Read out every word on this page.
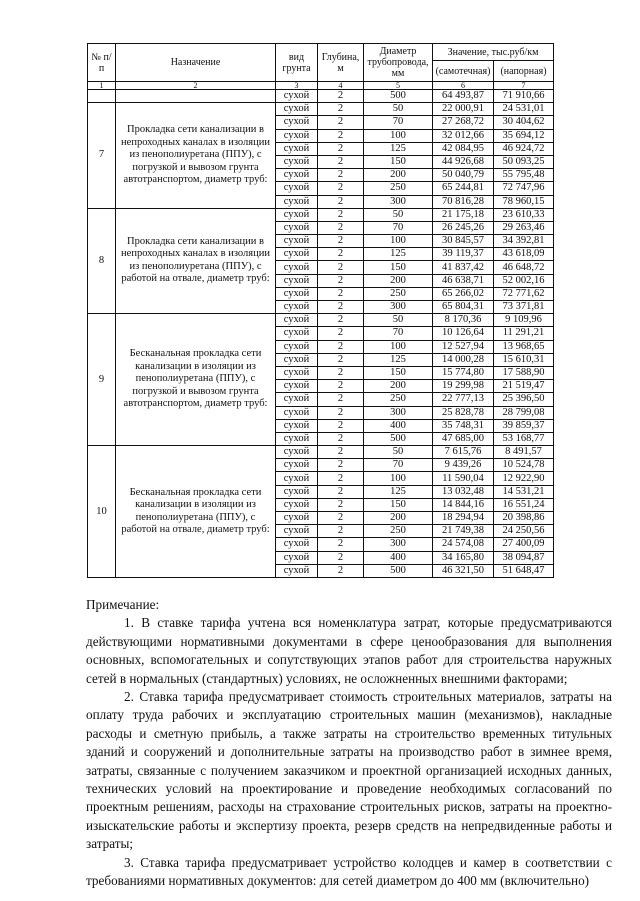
№ п/п	Назначение	вид грунта	Глубина, м	Диаметр трубопровода, мм	Значение, тыс.руб/км	
					(самотечная)	(напорная)
1	2	3	4	5	6	7
		сухой	2	500	64 493,87	71 910,66
7	Прокладка сети канализации в непроходных каналах в изоляции из пенополиуретана (ППУ), с погрузкой и вывозом грунта автотранспортом, диаметр труб:	сухой	2	50	22 000,91	24 531,01
		сухой	2	70	27 268,72	30 404,62
		сухой	2	100	32 012,66	35 694,12
		сухой	2	125	42 084,95	46 924,72
		сухой	2	150	44 926,68	50 093,25
		сухой	2	200	50 040,79	55 795,48
		сухой	2	250	65 244,81	72 747,96
		сухой	2	300	70 816,28	78 960,15
8	Прокладка сети канализации в непроходных каналах в изоляции из пенополиуретана (ППУ), с работой на отвале, диаметр труб:	сухой	2	50	21 175,18	23 610,33
		сухой	2	70	26 245,26	29 263,46
		сухой	2	100	30 845,57	34 392,81
		сухой	2	125	39 119,37	43 618,09
		сухой	2	150	41 837,42	46 648,72
		сухой	2	200	46 638,71	52 002,16
		сухой	2	250	65 266,02	72 771,62
		сухой	2	300	65 804,31	73 371,81
9	Бесканальная прокладка сети канализации в изоляции из пенополиуретана (ППУ), с погрузкой и вывозом грунта автотранспортом, диаметр труб:	сухой	2	50	8 170,36	9 109,96
		сухой	2	70	10 126,64	11 291,21
		сухой	2	100	12 527,94	13 968,65
		сухой	2	125	14 000,28	15 610,31
		сухой	2	150	15 774,80	17 588,90
		сухой	2	200	19 299,98	21 519,47
		сухой	2	250	22 777,13	25 396,50
		сухой	2	300	25 828,78	28 799,08
		сухой	2	400	35 748,31	39 859,37
		сухой	2	500	47 685,00	53 168,77
10	Бесканальная прокладка сети канализации в изоляции из пенополиуретана (ППУ), с работой на отвале, диаметр труб:	сухой	2	50	7 615,76	8 491,57
		сухой	2	70	9 439,26	10 524,78
		сухой	2	100	11 590,04	12 922,90
		сухой	2	125	13 032,48	14 531,21
		сухой	2	150	14 844,16	16 551,24
		сухой	2	200	18 294,94	20 398,86
		сухой	2	250	21 749,38	24 250,56
		сухой	2	300	24 574,08	27 400,09
		сухой	2	400	34 165,80	38 094,87
		сухой	2	500	46 321,50	51 648,47

Примечание:

1. В ставке тарифа учтена вся номенклатура затрат, которые предусматриваются действующими нормативными документами в сфере ценообразования для выполнения основных, вспомогательных и сопутствующих этапов работ для строительства наружных сетей в нормальных (стандартных) условиях, не осложненных внешними факторами;

2. Ставка тарифа предусматривает стоимость строительных материалов, затраты на оплату труда рабочих и эксплуатацию строительных машин (механизмов), накладные расходы и сметную прибыль, а также затраты на строительство временных титульных зданий и сооружений и дополнительные затраты на производство работ в зимнее время, затраты, связанные с получением заказчиком и проектной организацией исходных данных, технических условий на проектирование и проведение необходимых согласований по проектным решениям, расходы на страхование строительных рисков, затраты на проектно-изыскательские работы и экспертизу проекта, резерв средств на непредвиденные работы и затраты;

3. Ставка тарифа предусматривает устройство колодцев и камер в соответствии с требованиями нормативных документов: для сетей диаметром до 400 мм (включительно)
